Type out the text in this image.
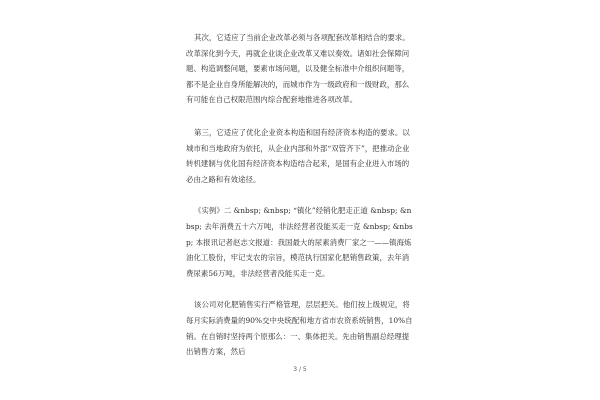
其次，它适应了当前企业改革必须与各项配套改革相结合的要求。改革深化到今天，再就企业谈企业改革又难以奏效。诸如社会保障问题、构造调整问题，要素市场问题，以及健全标准中介组织问题等，都不是企业自身所能解决的，而城市作为一级政府和一级财政，那么有可能在自己权限范围内综合配套地推进各项改革。

第三，它适应了优化企业资本构造和国有经济资本构造的要求。以城市和当地政府为依托，从企业内部和外部“双管齐下”，把推动企业转机建制与优化国有经济资本构造结合起来，是国有企业进入市场的必由之路和有效途径。

《实例》二 &nbsp; &nbsp; “镇化”经销化肥走正道 &nbsp; &nbsp; 去年消费五十六万吨，非法经营者没能买走一克 &nbsp; &nbsp; 本报讯记者赵志文报道：我国最大的尿素消费厂家之一——镇海炼油化工股份，牢记支农的宗旨，模范执行国家化肥销售政策，去年消费尿素56万吨，非法经营者没能买走一克。

该公司对化肥销售实行严格管理，层层把关。他们按上级规定，将每月实际消费量的90%交中央统配和地方省市农资系统销售，10%自销。在自销时坚持两个原那么：一、集体把关。先由销售副总经理提出销售方案，然后

3 / 5
